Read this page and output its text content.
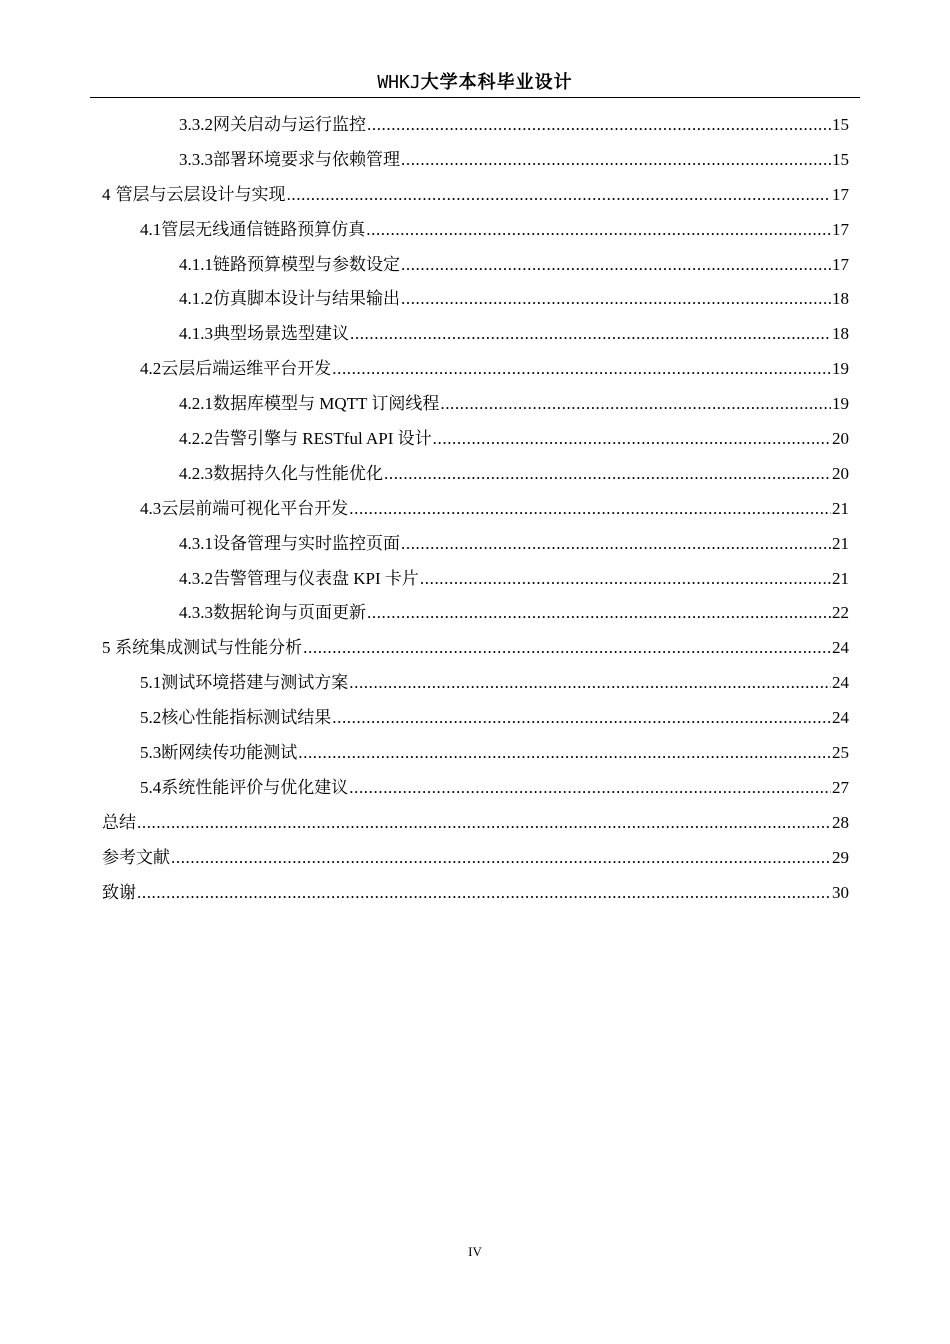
WHKJ大学本科毕业设计
3.3.2 网关启动与运行监控 .....	15
3.3.3 部署环境要求与依赖管理 .....	15
4 管层与云层设计与实现 .....	17
4.1 管层无线通信链路预算仿真 .....	17
4.1.1 链路预算模型与参数设定 .....	17
4.1.2 仿真脚本设计与结果输出 .....	18
4.1.3 典型场景选型建议 .....	18
4.2 云层后端运维平台开发 .....	19
4.2.1 数据库模型与 MQTT 订阅线程 .....	19
4.2.2 告警引擎与 RESTful API 设计 .....	20
4.2.3 数据持久化与性能优化 .....	20
4.3 云层前端可视化平台开发 .....	21
4.3.1 设备管理与实时监控页面 .....	21
4.3.2 告警管理与仪表盘 KPI 卡片 .....	21
4.3.3 数据轮询与页面更新 .....	22
5 系统集成测试与性能分析 .....	24
5.1 测试环境搭建与测试方案 .....	24
5.2 核心性能指标测试结果 .....	24
5.3 断网续传功能测试 .....	25
5.4 系统性能评价与优化建议 .....	27
总结 .....	28
参考文献 .....	29
致谢 .....	30
IV
